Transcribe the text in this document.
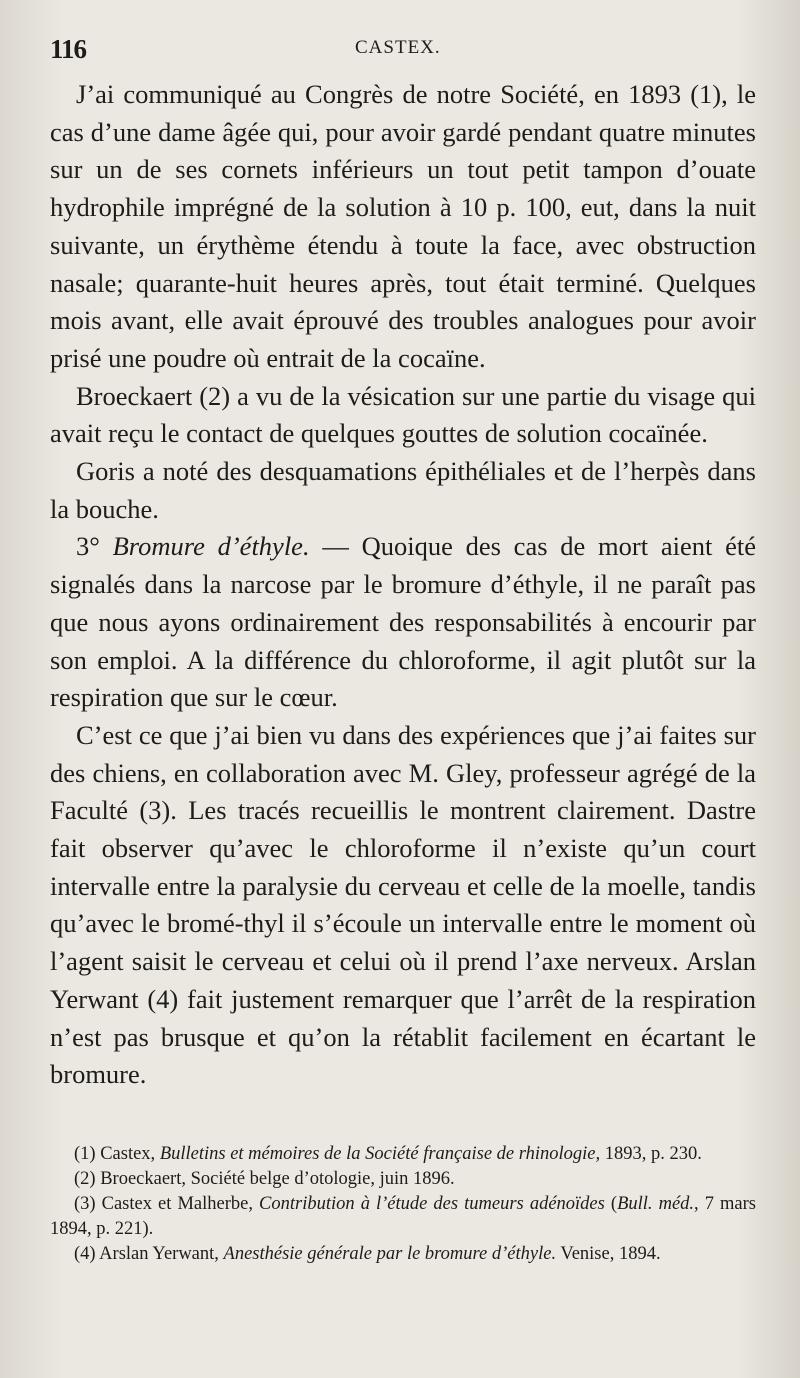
116	CASTEX.

J’ai communiqué au Congrès de notre Société, en 1893 (1), le cas d’une dame âgée qui, pour avoir gardé pendant quatre minutes sur un de ses cornets inférieurs un tout petit tampon d’ouate hydrophile imprégné de la solution à 10 p. 100, eut, dans la nuit suivante, un érythème étendu à toute la face, avec obstruction nasale; quarante-huit heures après, tout était terminé. Quelques mois avant, elle avait éprouvé des troubles analogues pour avoir prisé une poudre où entrait de la cocaïne.

Broeckaert (2) a vu de la vésication sur une partie du visage qui avait reçu le contact de quelques gouttes de solution cocaïnée.

Goris a noté des desquamations épithéliales et de l’herpès dans la bouche.

3° Bromure d’éthyle. — Quoique des cas de mort aient été signalés dans la narcose par le bromure d’éthyle, il ne paraît pas que nous ayons ordinairement des responsabilités à encourir par son emploi. A la différence du chloroforme, il agit plutôt sur la respiration que sur le cœur.

C’est ce que j’ai bien vu dans des expériences que j’ai faites sur des chiens, en collaboration avec M. Gley, professeur agrégé de la Faculté (3). Les tracés recueillis le montrent clairement. Dastre fait observer qu’avec le chloroforme il n’existe qu’un court intervalle entre la paralysie du cerveau et celle de la moelle, tandis qu’avec le bromé-thyl il s’écoule un intervalle entre le moment où l’agent saisit le cerveau et celui où il prend l’axe nerveux. Arslan Yerwant (4) fait justement remarquer que l’arrêt de la respiration n’est pas brusque et qu’on la rétablit facilement en écartant le bromure.

(1) Castex, Bulletins et mémoires de la Société française de rhinologie, 1893, p. 230.

(2) Broeckaert, Société belge d’otologie, juin 1896.

(3) Castex et Malherbe, Contribution à l’étude des tumeurs adénoïdes (Bull. méd., 7 mars 1894, p. 221).

(4) Arslan Yerwant, Anesthésie générale par le bromure d’éthyle. Venise, 1894.
